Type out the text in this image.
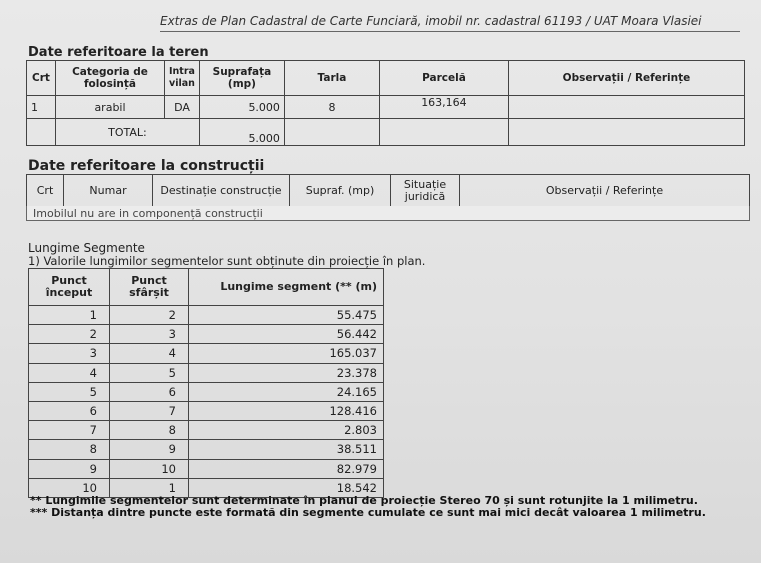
Extras de Plan Cadastral de Carte Funciară, imobil nr. cadastral 61193 / UAT Moara Vlasiei
Date referitoare la teren
Crt	Categoria de folosință	Intra vilan	Suprafața (mp)	Tarla	Parcelă	Observații / Referințe
1	arabil	DA	5.000	8	163,164	
	TOTAL:		5.000			
Date referitoare la construcții
Crt	Numar	Destinație construcție	Supraf. (mp)	Situație juridică	Observații / Referințe
Imobilul nu are in componență construcții
Lungime Segmente
1) Valorile lungimilor segmentelor sunt obținute din proiecție în plan.
Punct început	Punct sfârșit	Lungime segment (** (m)
1	2	55.475
2	3	56.442
3	4	165.037
4	5	23.378
5	6	24.165
6	7	128.416
7	8	2.803
8	9	38.511
9	10	82.979
10	1	18.542
** Lungimile segmentelor sunt determinate în planul de proiecție Stereo 70 și sunt rotunjite la 1 milimetru.
*** Distanța dintre puncte este formată din segmente cumulate ce sunt mai mici decât valoarea 1 milimetru.
